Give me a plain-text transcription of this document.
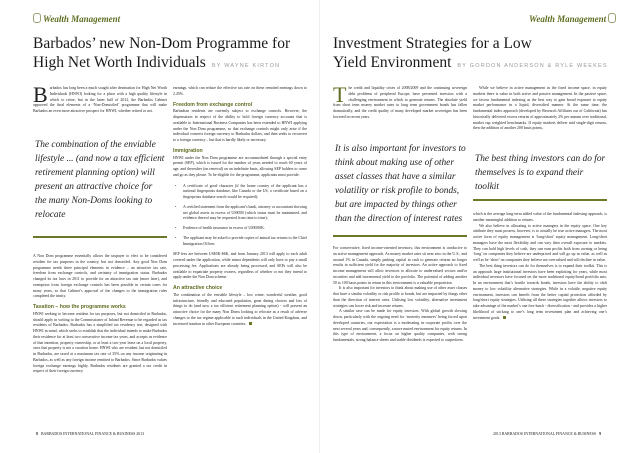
Wealth Management
Barbados’ new Non-Dom Programme for
High Net Worth Individuals BY WAYNE KIRTON
Barbados has long been a much sought after destination for High Net Worth Individuals (HNWI) looking for a place with a high quality lifestyle in which to retire, but in the latter half of 2012, the Barbados Cabinet approved the final elements of a ‘Non-Domiciled’ programme that will make Barbados an even more attractive prospect for HNWI, whether retired or not.
The combination of the enviable lifestyle ... (and now a tax efficient retirement planning option) will present an attractive choice for the many Non-Doms looking to relocate

A Non Dom programme essentially allows the taxpayer to elect to be considered resident for tax purposes in the country, but not domiciled. Any good Non Dom programme needs three principal elements in evidence – an attractive tax rate, freedom from exchange controls, and certainty of immigration status. Barbados changed its tax laws in 2011 to provide for an attractive tax rate (more later), and exemption from foreign exchange controls has been possible in certain cases for many years, so that Cabinet’s approval of the changes to the immigration rules completed the trinity.

Taxation – how the programme works

HNWI seeking to become resident for tax purposes, but not domiciled in Barbados, should apply in writing to the Commissioner of Inland Revenue to be regarded as tax residents of Barbados. Barbados has a simplified tax residency test, designed with HNWI in mind, which seeks to establish that the individual intends to make Barbados their residence for at least two consecutive income tax years, and accepts as evidence of that intention, property ownership, or at least a two-year lease on a local property, once that property is not a vacation home. HNWI who are resident, but not domiciled in Barbados, are taxed at a maximum tax rate of 35% on any income originating in Barbados, as well as any foreign income remitted to Barbados. Since Barbados values foreign exchange earnings highly, Barbados residents are granted a tax credit in respect of their foreign currency

earnings, which can reduce the effective tax rate on these remitted earnings down to 2.45%.

Freedom from exchange control

Barbadian residents are currently subject to exchange controls. However, the dispensation in respect of the ability to hold foreign currency accounts that is available to International Business Companies has been extended to HNWI applying under the Non Dom programme, so that exchange controls might only arise if the individual converts foreign currency to Barbados dollars, and then seeks to reconvert to a foreign currency – but that is hardly likely or necessary.

Immigration

HNWI under the Non Dom programme are accommodated through a special entry permit (SEP), which is issued for the number of years needed to reach 60 years of age, and thereafter (on renewal) on an indefinite basis, allowing SEP holders to come and go as they please. To be eligible for the programme, applicants must provide:

• A certificate of good character (if the home country of the applicant has a national fingerprints database, like Canada or the US, a certificate based on a fingerprints database search would be required);
• A certified statement from the applicant’s bank, attorney or accountant showing net global assets in excess of US$5M (which status must be maintained, and evidence thereof may be requested from time to time);
• Evidence of health insurance in excess of US$500K.
• The applicant may be asked to provide copies of annual tax returns to the Chief Immigration Officer.

SEP fees are between US$5K-$6K, and from January 2013 will apply to each adult covered under the application, while minor dependents will only have to pay a small processing fee. Applications are already being processed, and SEPs will also be available to expatriate property owners, regardless of whether or not they intend to apply under the Non Dom scheme.

An attractive choice

The combination of the enviable lifestyle – low crime, wonderful weather, good infrastructure, friendly and educated population, great dining choices and lots of things to do (and now a tax efficient retirement planning option) - will present an attractive choice for the many Non Doms looking to relocate as a result of adverse changes to the tax regime applicable to such individuals in the United Kingdom, and increased taxation in other European countries.

8 BARBADOS INTERNATIONAL FINANCE & BUSINESS 2013
Wealth Management
Investment Strategies for a Low
Yield Environment BY GORDON ANDERSON & RYLE WEEKES
The credit and liquidity crises of 2008/2009 and the continuing sovereign debt problems of peripheral Europe, have presented investors with a challenging environment in which to generate returns. The absolute yield from short term money market rates to long term government bonds has fallen dramatically, and the credit quality of many developed market sovereigns has been lowered in recent years.
It is also important for investors to think about making use of other asset classes that have a similar volatility or risk profile to bonds, but are impacted by things other than the direction of interest rates

For conservative, fixed income-oriented investors, this environment is conducive to an active management approach. As money market rates sit near zero in the U.S., and around 1% in Canada, simply parking capital in cash to generate returns no longer results in sufficient yield for the majority of investors. An active approach to fixed income management will allow investors to allocate to undervalued sectors and/or securities and add incremental yield to the portfolio. The potential of adding another 50 to 100 basis points in return in this environment is a valuable proposition.

It is also important for investors to think about making use of other asset classes that have a similar volatility or risk profile to bonds, but are impacted by things other than the direction of interest rates. Utilising low volatility, alternative investment strategies can lower risk and increase returns.

A similar case can be made for equity investors. With global growth slowing down, particularly with the ongoing need for ‘austerity measures’ being forced upon developed countries, our expectation is a moderating in corporate profits over the next several years and, consequently, a more muted environment for equity returns. In this type of environment, a focus on higher quality companies, with strong fundamentals, strong balance sheets and stable dividends is expected to outperform.

While we believe in active management in the fixed income space, in equity markets there is value in both active and passive management. In the passive space, we favour fundamental indexing as the best way to gain broad exposure to equity market performance in a liquid, diversified manner. At the same time, the fundamental index approach (developed by Research Affiliates out of California) has historically delivered excess returns of approximately 2% per annum over traditional, market cap weighted benchmarks. If equity markets deliver mid single-digit returns, then the addition of another 200 basis points,

The best thing investors can do for themselves is to expand their toolkit

which is the average long-term added value of the fundamental indexing approach, is another meaningful addition to returns.

We also believe in allocating to active managers in the equity space. One key attribute they must possess, however, is to actually be true active managers. The most active form of equity management is ‘long/short’ equity management. Long/short managers have the most flexibility and can vary their overall exposure to markets. They can hold high levels of cash, they can earn profits both from owning or being ‘long’ on companies they believe are underpriced and will go up in value, as well as well as be ‘short’ on companies they believe are overvalued and will decline in value.

The best thing investors can do for themselves is to expand their toolkit. This is an approach large institutional investors have been exploiting for years, while most individual investors have focused on the more traditional equity/bond portfolio mix. In an environment that’s hostile towards bonds, investors have the ability to shift money to low volatility alternative strategies. While in a volatile, negative equity environment, investors can benefit from the better capital protection afforded by long/short equity strategies. Utilising all these strategies together allows investors to take advantage of the market’s one free lunch - diversification - and provides a higher likelihood of sticking to one’s long term investment plan and achieving one’s investment goals.

2013 BARBADOS INTERNATIONAL FINANCE & BUSINESS 9
